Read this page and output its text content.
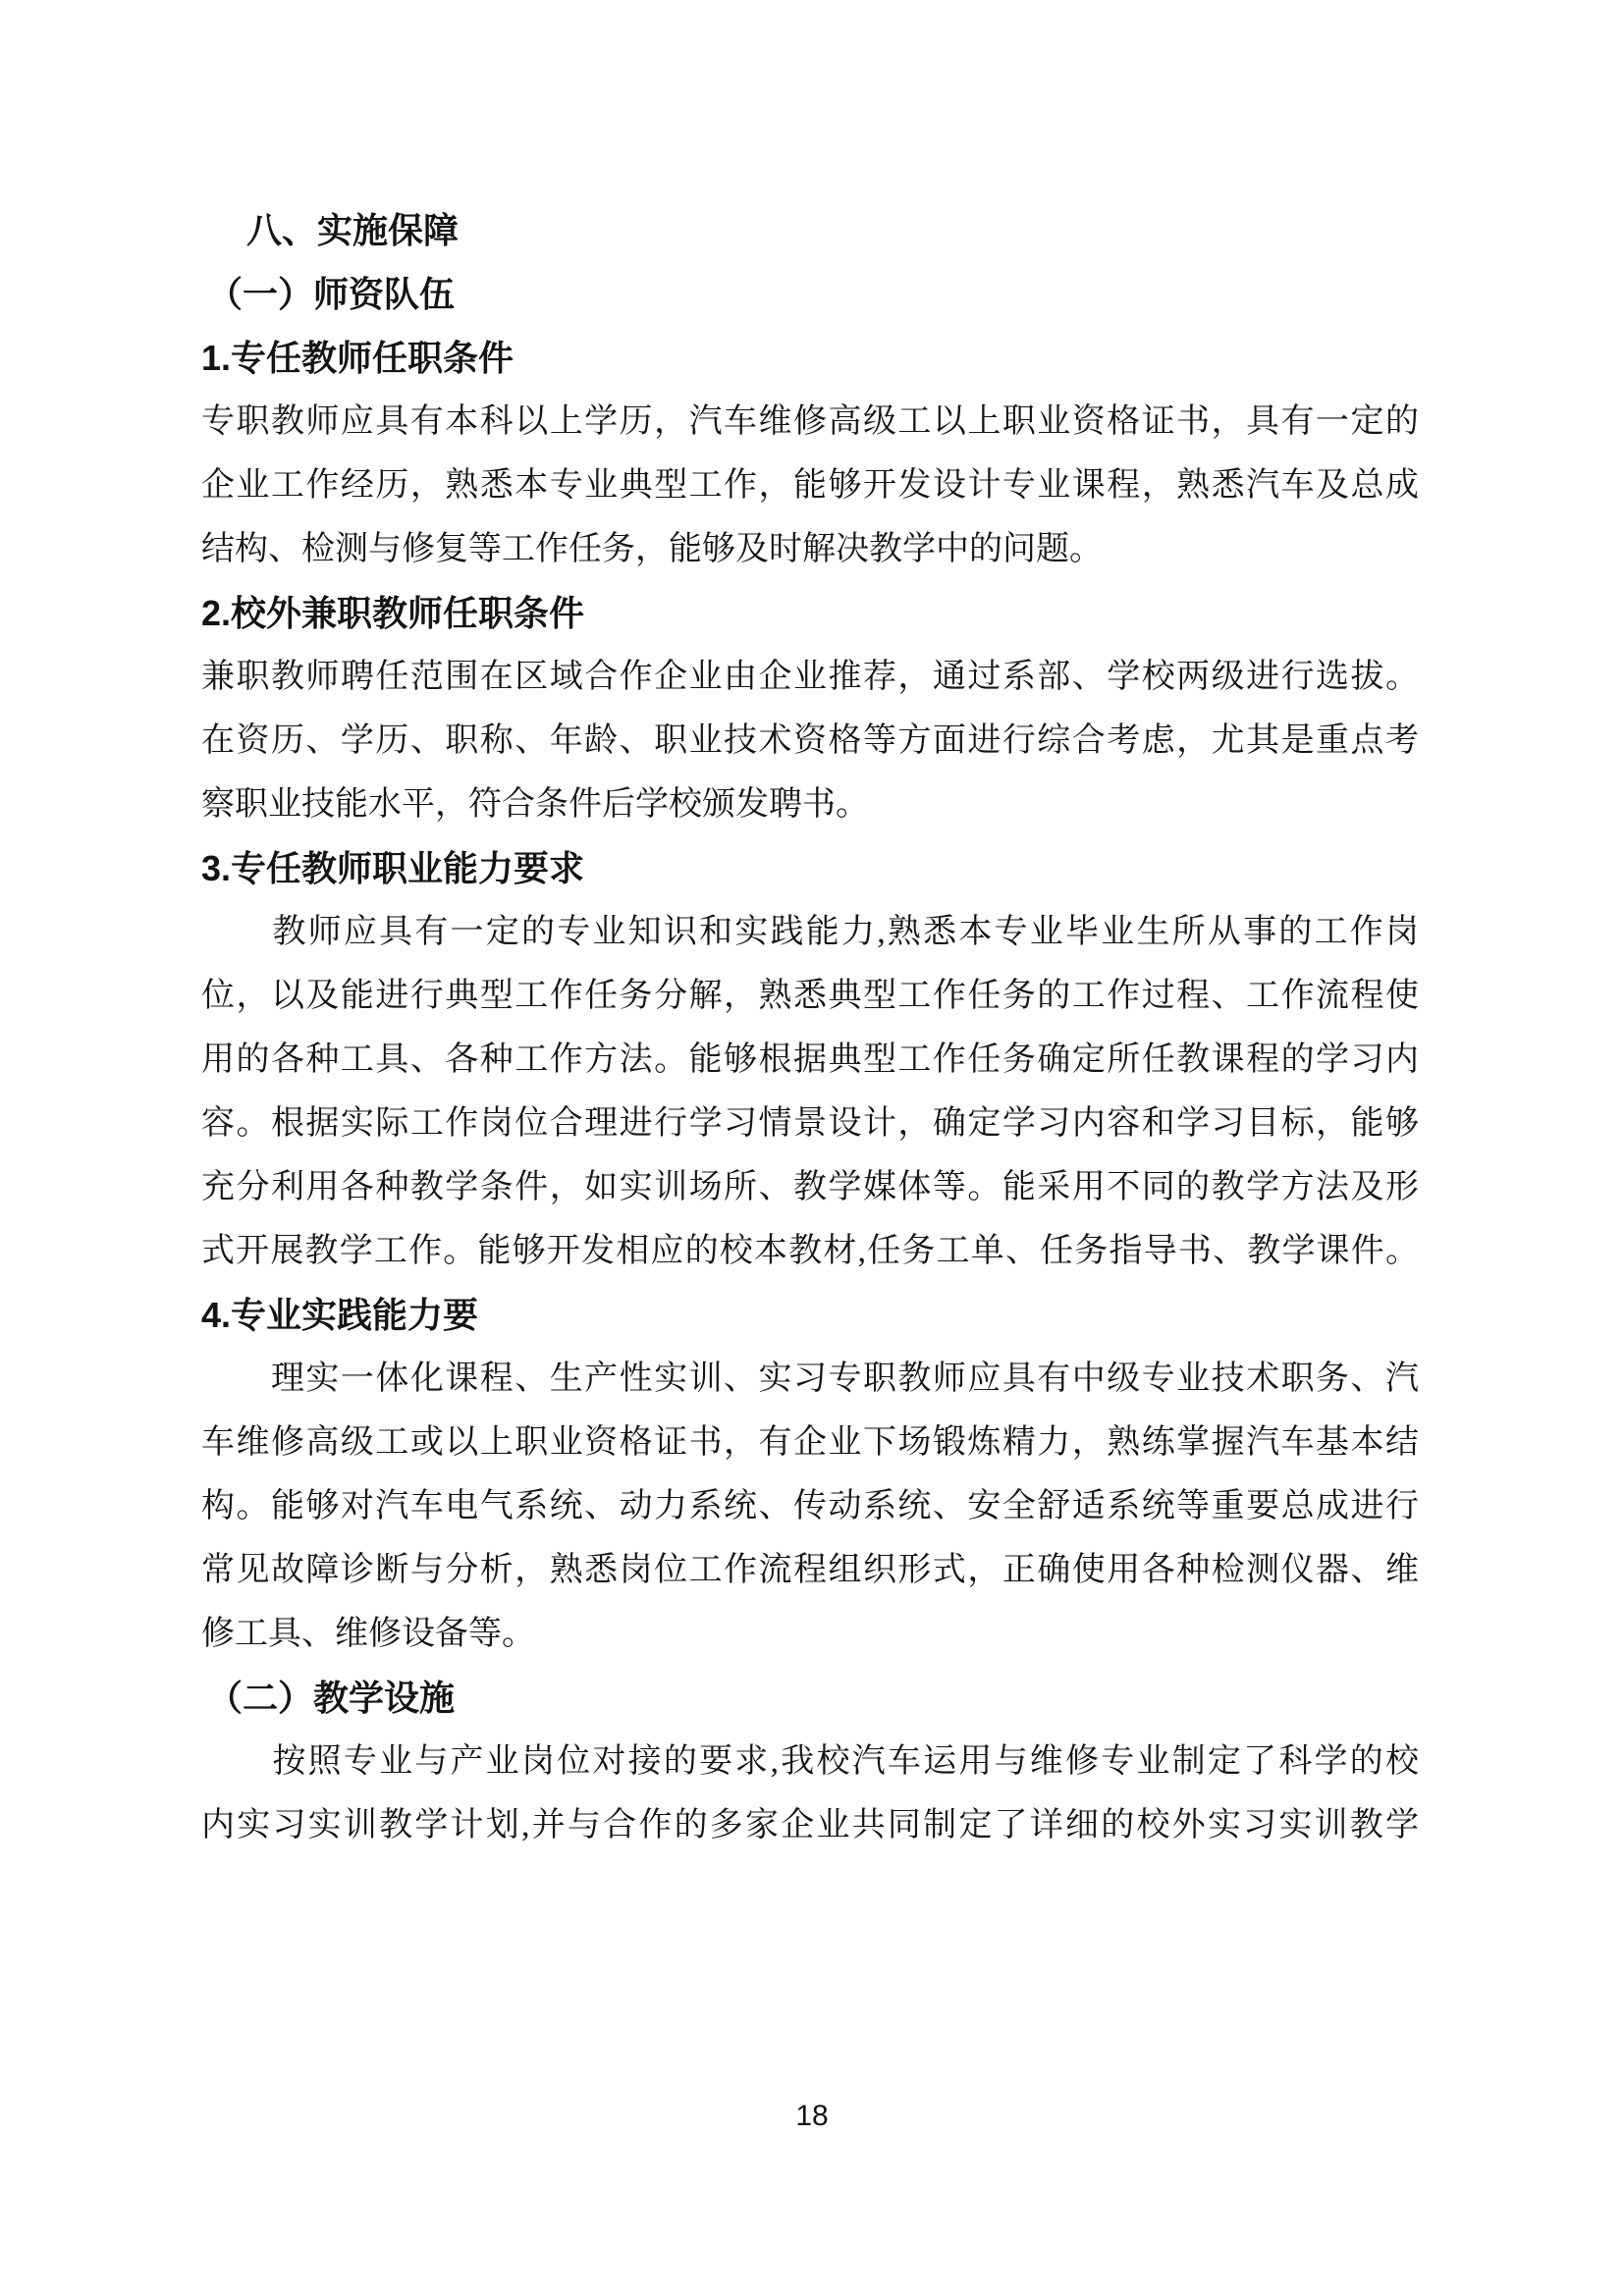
八、实施保障
（一）师资队伍
1.专任教师任职条件
专职教师应具有本科以上学历，汽车维修高级工以上职业资格证书，具有一定的
企业工作经历，熟悉本专业典型工作，能够开发设计专业课程，熟悉汽车及总成
结构、检测与修复等工作任务，能够及时解决教学中的问题。
2.校外兼职教师任职条件
兼职教师聘任范围在区域合作企业由企业推荐，通过系部、学校两级进行选拔。
在资历、学历、职称、年龄、职业技术资格等方面进行综合考虑，尤其是重点考
察职业技能水平，符合条件后学校颁发聘书。
3.专任教师职业能力要求
　　教师应具有一定的专业知识和实践能力,熟悉本专业毕业生所从事的工作岗
位，以及能进行典型工作任务分解，熟悉典型工作任务的工作过程、工作流程使
用的各种工具、各种工作方法。能够根据典型工作任务确定所任教课程的学习内
容。根据实际工作岗位合理进行学习情景设计，确定学习内容和学习目标，能够
充分利用各种教学条件，如实训场所、教学媒体等。能采用不同的教学方法及形
式开展教学工作。能够开发相应的校本教材,任务工单、任务指导书、教学课件。
4.专业实践能力要
　　理实一体化课程、生产性实训、实习专职教师应具有中级专业技术职务、汽
车维修高级工或以上职业资格证书，有企业下场锻炼精力，熟练掌握汽车基本结
构。能够对汽车电气系统、动力系统、传动系统、安全舒适系统等重要总成进行
常见故障诊断与分析，熟悉岗位工作流程组织形式，正确使用各种检测仪器、维
修工具、维修设备等。
（二）教学设施
　　按照专业与产业岗位对接的要求,我校汽车运用与维修专业制定了科学的校
内实习实训教学计划,并与合作的多家企业共同制定了详细的校外实习实训教学
18
